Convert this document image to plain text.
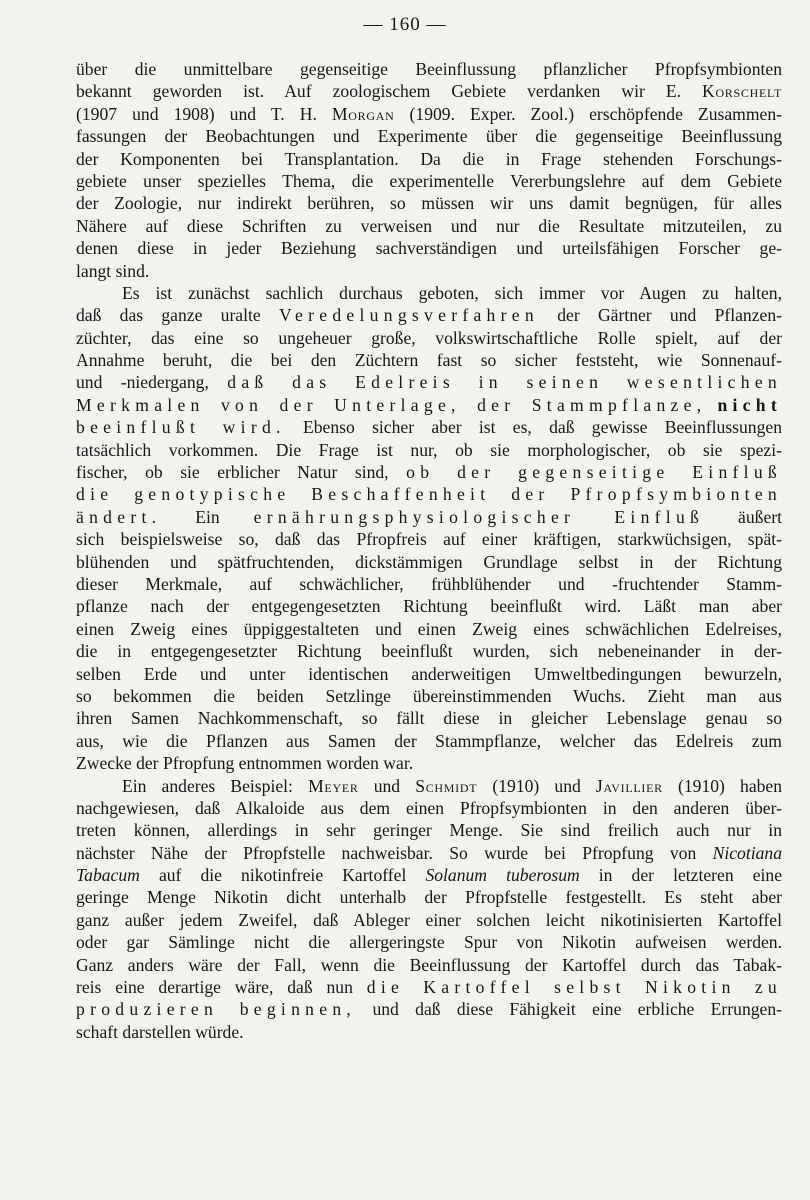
— 160 —
über die unmittelbare gegenseitige Beeinflussung pflanzlicher Pfropfsymbionten
bekannt geworden ist. Auf zoologischem Gebiete verdanken wir E. Korschelt
(1907 und 1908) und T. H. Morgan (1909. Exper. Zool.) erschöpfende Zusammen-
fassungen der Beobachtungen und Experimente über die gegenseitige Beeinflussung
der Komponenten bei Transplantation. Da die in Frage stehenden Forschungs-
gebiete unser spezielles Thema, die experimentelle Vererbungslehre auf dem Gebiete
der Zoologie, nur indirekt berühren, so müssen wir uns damit begnügen, für alles
Nähere auf diese Schriften zu verweisen und nur die Resultate mitzuteilen, zu
denen diese in jeder Beziehung sachverständigen und urteilsfähigen Forscher ge-
langt sind.
Es ist zunächst sachlich durchaus geboten, sich immer vor Augen zu halten,
daß das ganze uralte Veredelungsverfahren der Gärtner und Pflanzen-
züchter, das eine so ungeheuer große, volkswirtschaftliche Rolle spielt, auf der
Annahme beruht, die bei den Züchtern fast so sicher feststeht, wie Sonnenauf-
und -niedergang, daß das Edelreis in seinen wesentlichen
Merkmalen von der Unterlage, der Stammpflanze, nicht
beeinflußt wird. Ebenso sicher aber ist es, daß gewisse Beeinflussungen
tatsächlich vorkommen. Die Frage ist nur, ob sie morphologischer, ob sie spezi-
fischer, ob sie erblicher Natur sind, ob der gegenseitige Einfluß
die genotypische Beschaffenheit der Pfropfsymbionten
ändert. Ein ernährungsphysiologischer Einfluß äußert
sich beispielsweise so, daß das Pfropfreis auf einer kräftigen, starkwüchsigen, spät-
blühenden und spätfruchtenden, dickstämmigen Grundlage selbst in der Richtung
dieser Merkmale, auf schwächlicher, frühblühender und -fruchtender Stamm-
pflanze nach der entgegengesetzten Richtung beeinflußt wird. Läßt man aber
einen Zweig eines üppiggestalteten und einen Zweig eines schwächlichen Edelreises,
die in entgegengesetzter Richtung beeinflußt wurden, sich nebeneinander in der-
selben Erde und unter identischen anderweitigen Umweltbedingungen bewurzeln,
so bekommen die beiden Setzlinge übereinstimmenden Wuchs. Zieht man aus
ihren Samen Nachkommenschaft, so fällt diese in gleicher Lebenslage genau so
aus, wie die Pflanzen aus Samen der Stammpflanze, welcher das Edelreis zum
Zwecke der Pfropfung entnommen worden war.
Ein anderes Beispiel: Meyer und Schmidt (1910) und Javillier (1910) haben
nachgewiesen, daß Alkaloide aus dem einen Pfropfsymbionten in den anderen über-
treten können, allerdings in sehr geringer Menge. Sie sind freilich auch nur in
nächster Nähe der Pfropfstelle nachweisbar. So wurde bei Pfropfung von Nicotiana
Tabacum auf die nikotinfreie Kartoffel Solanum tuberosum in der letzteren eine
geringe Menge Nikotin dicht unterhalb der Pfropfstelle festgestellt. Es steht aber
ganz außer jedem Zweifel, daß Ableger einer solchen leicht nikotinisierten Kartoffel
oder gar Sämlinge nicht die allergeringste Spur von Nikotin aufweisen werden.
Ganz anders wäre der Fall, wenn die Beeinflussung der Kartoffel durch das Tabak-
reis eine derartige wäre, daß nun die Kartoffel selbst Nikotin zu
produzieren beginnen, und daß diese Fähigkeit eine erbliche Errungen-
schaft darstellen würde.
